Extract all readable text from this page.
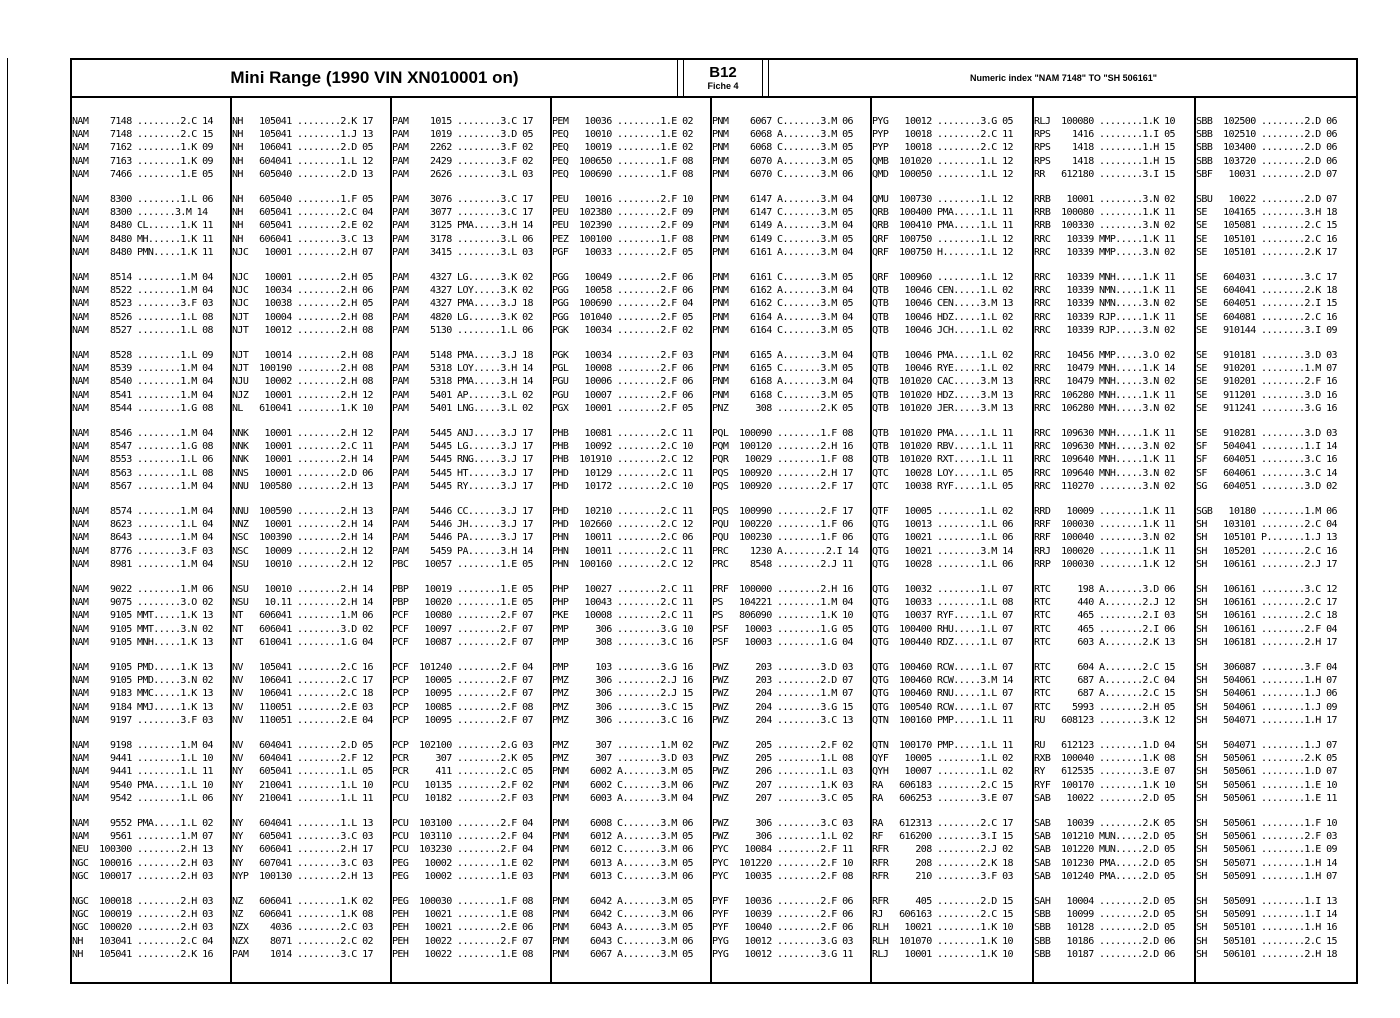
Mini Range (1990 VIN XN010001 on)	B12
Fiche 4
Numeric index "NAM 7148" TO "SH 506161"
NAM    7148 ........2.C 14
NAM    7148 ........2.C 15
NAM    7162 ........1.K 09
NAM    7163 ........1.K 09
NAM    7466 ........1.E 05
NAM    8300 ........1.L 06
NAM    8300 .......3.M 14
NAM    8480 CL......1.K 11
NAM    8480 MH......1.K 11
NAM    8480 PMN.....1.K 11
NAM    8514 ........1.M 04
NAM    8522 ........1.M 04
NAM    8523 ........3.F 03
NAM    8526 ........1.L 08
NAM    8527 ........1.L 08
NAM    8528 ........1.L 09
NAM    8539 ........1.M 04
NAM    8540 ........1.M 04
NAM    8541 ........1.M 04
NAM    8544 ........1.G 08
NAM    8546 ........1.M 04
NAM    8547 ........1.G 08
NAM    8553 ........1.L 06
NAM    8563 ........1.L 08
NAM    8567 ........1.M 04
NAM    8574 ........1.M 04
NAM    8623 ........1.L 04
NAM    8643 ........1.M 04
NAM    8776 ........3.F 03
NAM    8981 ........1.M 04
NAM    9022 ........1.M 06
NAM    9075 ........3.O 02
NAM    9105 MMT.....1.K 13
NAM    9105 MMT.....3.N 02
NAM    9105 MNH.....1.K 13
NAM    9105 PMD.....1.K 13
NAM    9105 PMD.....3.N 02
NAM    9183 MMC.....1.K 13
NAM    9184 MMJ.....1.K 13
NAM    9197 ........3.F 03
NAM    9198 ........1.M 04
NAM    9441 ........1.L 10
NAM    9441 ........1.L 11
NAM    9540 PMA.....1.L 10
NAM    9542 ........1.L 06
NAM    9552 PMA.....1.L 02
NAM    9561 ........1.M 07
NEU  100300 ........2.H 13
NGC  100016 ........2.H 03
NGC  100017 ........2.H 03
NGC  100018 ........2.H 03
NGC  100019 ........2.H 03
NGC  100020 ........2.H 03
NH   103041 ........2.C 04
NH   105041 ........2.K 16
NH   105041 ........2.K 17
NH   105041 ........1.J 13
NH   106041 ........2.D 05
NH   604041 ........1.L 12
NH   605040 ........2.D 13
NH   605040 ........1.F 05
NH   605041 ........2.C 04
NH   605041 ........2.E 02
NH   606041 ........3.C 13
NJC   10001 ........2.H 07
NJC   10001 ........2.H 05
NJC   10034 ........2.H 06
NJC   10038 ........2.H 05
NJT   10004 ........2.H 08
NJT   10012 ........2.H 08
NJT   10014 ........2.H 08
NJT  100190 ........2.H 08
NJU   10002 ........2.H 08
NJZ   10001 ........2.H 12
NL   610041 ........1.K 10
NNK   10001 ........2.H 12
NNK   10001 ........2.C 11
NNK   10001 ........2.H 14
NNS   10001 ........2.D 06
NNU  100580 ........2.H 13
NNU  100590 ........2.H 13
NNZ   10001 ........2.H 14
NSC  100390 ........2.H 14
NSC   10009 ........2.H 12
NSU   10010 ........2.H 12
NSU   10010 ........2.H 14
NSU   10.11 ........2.H 14
NT   606041 ........1.M 06
NT   606041 ........3.D 02
NT   610041 ........1.G 04
NV   105041 ........2.C 16
NV   106041 ........2.C 17
NV   106041 ........2.C 18
NV   110051 ........2.E 03
NV   110051 ........2.E 04
NV   604041 ........2.D 05
NV   604041 ........2.F 12
NY   605041 ........1.L 05
NY   210041 ........1.L 10
NY   210041 ........1.L 11
NY   604041 ........1.L 13
NY   605041 ........3.C 03
NY   606041 ........2.H 17
NY   607041 ........3.C 03
NYP  100130 ........2.H 13
NZ   606041 ........1.K 02
NZ   606041 ........1.K 08
NZX    4036 ........2.C 03
NZX    8071 ........2.C 02
PAM    1014 ........3.C 17
PAM    1015 ........3.C 17
PAM    1019 ........3.D 05
PAM    2262 ........3.F 02
PAM    2429 ........3.F 02
PAM    2626 ........3.L 03
PAM    3076 ........3.C 17
PAM    3077 ........3.C 17
PAM    3125 PMA.....3.H 14
PAM    3178 ........3.L 06
PAM    3415 ........3.L 03
PAM    4327 LG......3.K 02
PAM    4327 LOY.....3.K 02
PAM    4327 PMA.....3.J 18
PAM    4820 LG......3.K 02
PAM    5130 ........1.L 06
PAM    5148 PMA.....3.J 18
PAM    5318 LOY.....3.H 14
PAM    5318 PMA.....3.H 14
PAM    5401 AP......3.L 02
PAM    5401 LNG.....3.L 02
PAM    5445 ANJ.....3.J 17
PAM    5445 LG......3.J 17
PAM    5445 RNG.....3.J 17
PAM    5445 HT......3.J 17
PAM    5445 RY......3.J 17
PAM    5446 CC......3.J 17
PAM    5446 JH......3.J 17
PAM    5446 PA......3.J 17
PAM    5459 PA......3.H 14
PBC   10057 ........1.E 05
PBP   10019 ........1.E 05
PBP   10020 ........1.E 05
PCF   10080 ........2.F 07
PCF   10097 ........2.F 07
PCF   10087 ........2.F 07
PCF  101240 ........2.F 04
PCP   10005 ........2.F 07
PCP   10095 ........2.F 07
PCP   10085 ........2.F 08
PCP   10095 ........2.F 07
PCP  102100 ........2.G 03
PCR     307 ........2.K 05
PCR     411 ........2.C 05
PCU   10135 ........2.F 02
PCU   10182 ........2.F 03
PCU  103100 ........2.F 04
PCU  103110 ........2.F 04
PCU  103230 ........2.F 04
PEG   10002 ........1.E 02
PEG   10002 ........1.E 03
PEG  100030 ........1.F 08
PEH   10021 ........1.E 08
PEH   10021 ........2.E 06
PEH   10022 ........2.F 07
PEH   10022 ........1.E 08
PEM   10036 ........1.E 02
PEQ   10010 ........1.E 02
PEQ   10019 ........1.E 02
PEQ  100650 ........1.F 08
PEQ  100690 ........1.F 08
PEU   10016 ........2.F 10
PEU  102380 ........2.F 09
PEU  102390 ........2.F 09
PEZ  100100 ........1.F 08
PGF   10033 ........2.F 05
PGG   10049 ........2.F 06
PGG   10058 ........2.F 06
PGG  100690 ........2.F 04
PGG  101040 ........2.F 05
PGK   10034 ........2.F 02
PGK   10034 ........2.F 03
PGL   10008 ........2.F 06
PGU   10006 ........2.F 06
PGU   10007 ........2.F 06
PGX   10001 ........2.F 05
PHB   10081 ........2.C 11
PHB   10092 ........2.C 10
PHB  101910 ........2.C 12
PHD   10129 ........2.C 11
PHD   10172 ........2.C 10
PHD   10210 ........2.C 11
PHD  102660 ........2.C 12
PHN   10011 ........2.C 06
PHN   10011 ........2.C 11
PHN  100160 ........2.C 12
PHP   10027 ........2.C 11
PHP   10043 ........2.C 11
PKE   10008 ........2.C 11
PMP     306 ........3.G 10
PMP     308 ........3.C 16
PMP     103 ........3.G 16
PMZ     306 ........2.J 16
PMZ     306 ........2.J 15
PMZ     306 ........3.C 15
PMZ     306 ........3.C 16
PMZ     307 ........1.M 02
PMZ     307 ........3.D 03
PNM    6002 A.......3.M 05
PNM    6002 C.......3.M 06
PNM    6003 A.......3.M 04
PNM    6008 C.......3.M 06
PNM    6012 A.......3.M 05
PNM    6012 C.......3.M 06
PNM    6013 A.......3.M 05
PNM    6013 C.......3.M 06
PNM    6042 A.......3.M 05
PNM    6042 C.......3.M 06
PNM    6043 A.......3.M 05
PNM    6043 C.......3.M 06
PNM    6067 A.......3.M 05
PNM    6067 C.......3.M 06
PNM    6068 A.......3.M 05
PNM    6068 C.......3.M 05
PNM    6070 A.......3.M 05
PNM    6070 C.......3.M 06
PNM    6147 A.......3.M 04
PNM    6147 C.......3.M 05
PNM    6149 A.......3.M 04
PNM    6149 C.......3.M 05
PNM    6161 A.......3.M 04
PNM    6161 C.......3.M 05
PNM    6162 A.......3.M 04
PNM    6162 C.......3.M 05
PNM    6164 A.......3.M 04
PNM    6164 C.......3.M 05
PNM    6165 A.......3.M 04
PNM    6165 C.......3.M 05
PNM    6168 A.......3.M 04
PNM    6168 C.......3.M 05
PNZ     308 ........2.K 05
PQL  100090 ........1.F 08
PQM  100120 ........2.H 16
PQR   10029 ........1.F 08
PQS  100920 ........2.H 17
PQS  100920 ........2.F 17
PQS  100990 ........2.F 17
PQU  100220 ........1.F 06
PQU  100230 ........1.F 06
PRC    1230 A........2.I 14
PRC    8548 ........2.J 11
PRF  100000 ........2.H 16
PS   104221 ........1.M 04
PS   806090 ........1.K 10
PSF   10003 ........1.G 05
PSF   10003 ........1.G 04
PWZ     203 ........3.D 03
PWZ     203 ........2.D 07
PWZ     204 ........1.M 07
PWZ     204 ........3.G 15
PWZ     204 ........3.C 13
PWZ     205 ........2.F 02
PWZ     205 ........1.L 08
PWZ     206 ........1.L 03
PWZ     207 ........1.K 03
PWZ     207 ........3.C 05
PWZ     306 ........3.C 03
PWZ     306 ........1.L 02
PYC   10084 ........2.F 11
PYC  101220 ........2.F 10
PYC   10035 ........2.F 08
PYF   10036 ........2.F 06
PYF   10039 ........2.F 06
PYF   10040 ........2.F 06
PYG   10012 ........3.G 03
PYG   10012 ........3.G 11
PYG   10012 ........3.G 05
PYP   10018 ........2.C 11
PYP   10018 ........2.C 12
QMB  101020 ........1.L 12
QMD  100050 ........1.L 12
QMU  100730 ........1.L 12
QRB  100400 PMA.....1.L 11
QRB  100410 PMA.....1.L 11
QRF  100750 ........1.L 12
QRF  100750 H.......1.L 12
QRF  100960 ........1.L 12
QTB   10046 CEN.....1.L 02
QTB   10046 CEN.....3.M 13
QTB   10046 HDZ.....1.L 02
QTB   10046 JCH.....1.L 02
QTB   10046 PMA.....1.L 02
QTB   10046 RYE.....1.L 02
QTB  101020 CAC.....3.M 13
QTB  101020 HDZ.....3.M 13
QTB  101020 JER.....3.M 13
QTB  101020 PMA.....1.L 11
QTB  101020 RBV.....1.L 11
QTB  101020 RXT.....1.L 11
QTC   10028 LOY.....1.L 05
QTC   10038 RYF.....1.L 05
QTF   10005 ........1.L 02
QTG   10013 ........1.L 06
QTG   10021 ........1.L 06
QTG   10021 ........3.M 14
QTG   10028 ........1.L 06
QTG   10032 ........1.L 07
QTG   10033 ........1.L 08
QTG   10037 RYF.....1.L 07
QTG  100400 RHU.....1.L 07
QTG  100440 RDZ.....1.L 07
QTG  100460 RCW.....1.L 07
QTG  100460 RCW.....3.M 14
QTG  100460 RNU.....1.L 07
QTG  100540 RCW.....1.L 07
QTN  100160 PMP.....1.L 11
QTN  100170 PMP.....1.L 11
QYF   10005 ........1.L 02
QYH   10007 ........1.L 02
RA   606183 ........2.C 15
RA   606253 ........3.E 07
RA   612313 ........2.C 17
RF   616200 ........3.I 15
RFR     208 ........2.J 02
RFR     208 ........2.K 18
RFR     210 ........3.F 03
RFR     405 ........2.D 15
RJ   606163 ........2.C 15
RLH   10021 ........1.K 10
RLH  101070 ........1.K 10
RLJ   10001 ........1.K 10
RLJ  100080 ........1.K 10
RPS    1416 ........1.I 05
RPS    1418 ........1.H 15
RPS    1418 ........1.H 15
RR   612180 ........3.I 15
RRB   10001 ........3.N 02
RRB  100080 ........1.K 11
RRB  100330 ........3.N 02
RRC   10339 MMP.....1.K 11
RRC   10339 MMP.....3.N 02
RRC   10339 MNH.....1.K 11
RRC   10339 NMN.....1.K 11
RRC   10339 NMN.....3.N 02
RRC   10339 RJP.....1.K 11
RRC   10339 RJP.....3.N 02
RRC   10456 MMP.....3.O 02
RRC   10479 MNH.....1.K 14
RRC   10479 MNH.....3.N 02
RRC  106280 MNH.....1.K 11
RRC  106280 MNH.....3.N 02
RRC  109630 MNH.....1.K 11
RRC  109630 MNH.....3.N 02
RRC  109640 MNH.....1.K 11
RRC  109640 MNH.....3.N 02
RRC  110270 ........3.N 02
RRD   10009 ........1.K 11
RRF  100030 ........1.K 11
RRF  100040 ........3.N 02
RRJ  100020 ........1.K 11
RRP  100030 ........1.K 12
RTC     198 A.......3.D 06
RTC     440 A.......2.J 12
RTC     465 ........2.I 03
RTC     465 ........2.I 06
RTC     603 A.......2.K 13
RTC     604 A.......2.C 15
RTC     687 A.......2.C 04
RTC     687 A.......2.C 15
RTC    5993 ........2.H 05
RU   608123 ........3.K 12
RU   612123 ........1.D 04
RXB  100040 ........1.K 08
RY   612535 ........3.E 07
RYF  100170 ........1.K 10
SAB   10022 ........2.D 05
SAB   10039 ........2.K 05
SAB  101210 MUN.....2.D 05
SAB  101220 MUN.....2.D 05
SAB  101230 PMA.....2.D 05
SAB  101240 PMA.....2.D 05
SAH   10004 ........2.D 05
SBB   10099 ........2.D 05
SBB   10128 ........2.D 05
SBB   10186 ........2.D 06
SBB   10187 ........2.D 06
SBB  102500 ........2.D 06
SBB  102510 ........2.D 06
SBB  103400 ........2.D 06
SBB  103720 ........2.D 06
SBF   10031 ........2.D 07
SBU   10022 ........2.D 07
SE   104165 ........3.H 18
SE   105081 ........2.C 15
SE   105101 ........2.C 16
SE   105101 ........2.K 17
SE   604031 ........3.C 17
SE   604041 ........2.K 18
SE   604051 ........2.I 15
SE   604081 ........2.C 16
SE   910144 ........3.I 09
SE   910181 ........3.D 03
SE   910201 ........1.M 07
SE   910201 ........2.F 16
SE   911201 ........3.D 16
SE   911241 ........3.G 16
SE   910281 ........3.D 03
SF   504041 ........1.I 14
SF   604051 ........3.C 16
SF   604061 ........3.C 14
SG   604051 ........3.D 02
SGB   10180 ........1.M 06
SH   103101 ........2.C 04
SH   105101 P.......1.J 13
SH   105201 ........2.C 16
SH   106161 ........2.J 17
SH   106161 ........3.C 12
SH   106161 ........2.C 17
SH   106161 ........2.C 18
SH   106161 ........2.F 04
SH   106181 ........2.H 17
SH   306087 ........3.F 04
SH   504061 ........1.H 07
SH   504061 ........1.J 06
SH   504061 ........1.J 09
SH   504071 ........1.H 17
SH   504071 ........1.J 07
SH   505061 ........2.K 05
SH   505061 ........1.D 07
SH   505061 ........1.E 10
SH   505061 ........1.E 11
SH   505061 ........1.F 10
SH   505061 ........2.F 03
SH   505061 ........1.E 09
SH   505071 ........1.H 14
SH   505091 ........1.H 07
SH   505091 ........1.I 13
SH   505091 ........1.I 14
SH   505101 ........1.H 16
SH   505101 ........2.C 15
SH   506101 ........2.H 18
